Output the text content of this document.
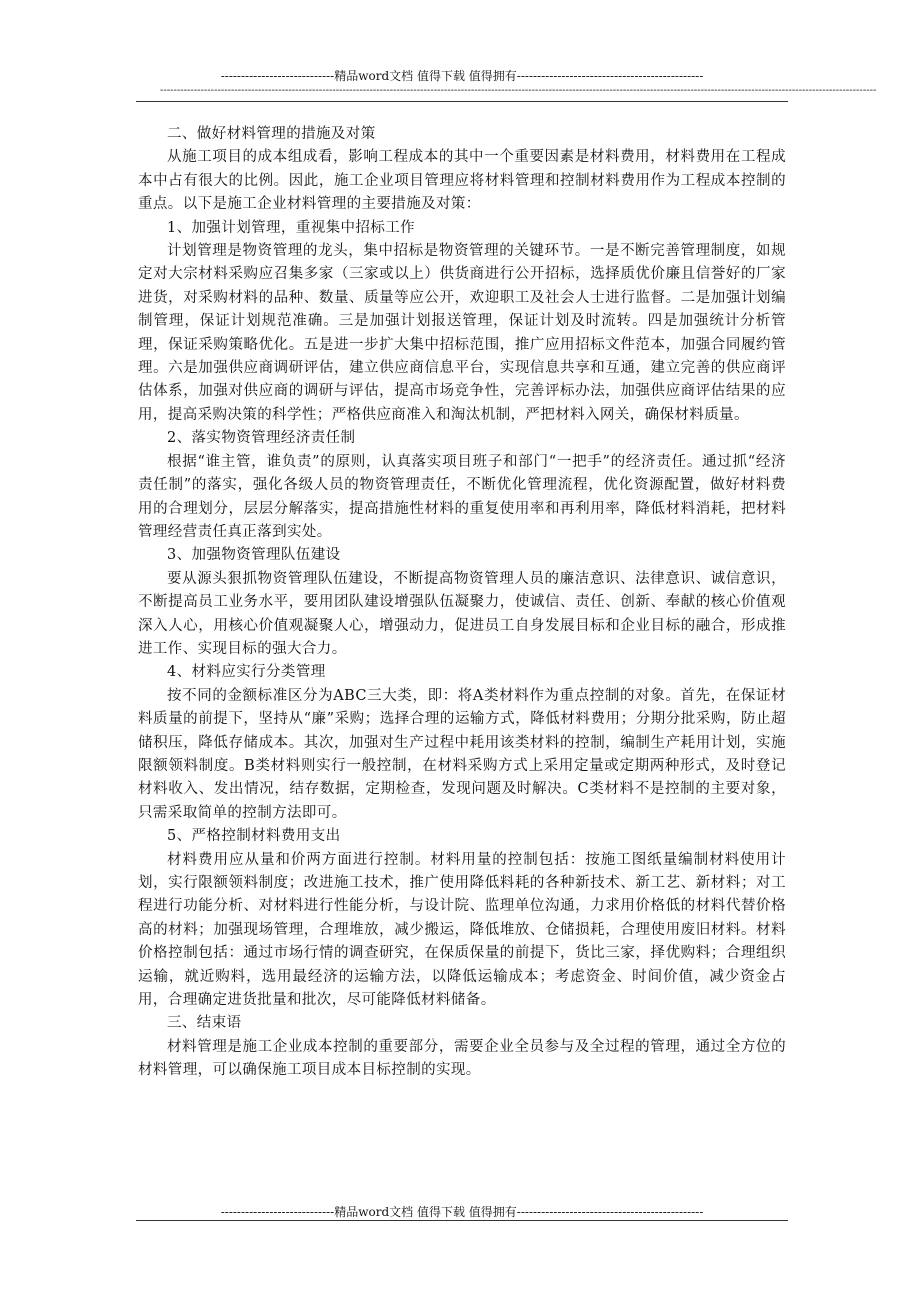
----------------------------精品word文档 值得下载 值得拥有----------------------------------------------
--------------------------------------------------------------------------------------------------------------------------------------------------------------------------------------------------------------------

二、做好材料管理的措施及对策

从施工项目的成本组成看，影响工程成本的其中一个重要因素是材料费用，材料费用在工程成本中占有很大的比例。因此，施工企业项目管理应将材料管理和控制材料费用作为工程成本控制的重点。以下是施工企业材料管理的主要措施及对策：

1、加强计划管理，重视集中招标工作

计划管理是物资管理的龙头，集中招标是物资管理的关键环节。一是不断完善管理制度，如规定对大宗材料采购应召集多家（三家或以上）供货商进行公开招标，选择质优价廉且信誉好的厂家进货，对采购材料的品种、数量、质量等应公开，欢迎职工及社会人士进行监督。二是加强计划编制管理，保证计划规范准确。三是加强计划报送管理，保证计划及时流转。四是加强统计分析管理，保证采购策略优化。五是进一步扩大集中招标范围，推广应用招标文件范本，加强合同履约管理。六是加强供应商调研评估，建立供应商信息平台，实现信息共享和互通，建立完善的供应商评估体系，加强对供应商的调研与评估，提高市场竞争性，完善评标办法，加强供应商评估结果的应用，提高采购决策的科学性；严格供应商准入和淘汰机制，严把材料入网关，确保材料质量。

2、落实物资管理经济责任制

根据“谁主管，谁负责”的原则，认真落实项目班子和部门“一把手”的经济责任。通过抓“经济责任制”的落实，强化各级人员的物资管理责任，不断优化管理流程，优化资源配置，做好材料费用的合理划分，层层分解落实，提高措施性材料的重复使用率和再利用率，降低材料消耗，把材料管理经营责任真正落到实处。

3、加强物资管理队伍建设

要从源头狠抓物资管理队伍建设，不断提高物资管理人员的廉洁意识、法律意识、诚信意识，不断提高员工业务水平，要用团队建设增强队伍凝聚力，使诚信、责任、创新、奉献的核心价值观深入人心，用核心价值观凝聚人心，增强动力，促进员工自身发展目标和企业目标的融合，形成推进工作、实现目标的强大合力。

4、材料应实行分类管理

按不同的金额标准区分为ABC三大类，即：将A类材料作为重点控制的对象。首先，在保证材料质量的前提下，坚持从“廉”采购；选择合理的运输方式，降低材料费用；分期分批采购，防止超储积压，降低存储成本。其次，加强对生产过程中耗用该类材料的控制，编制生产耗用计划，实施限额领料制度。B类材料则实行一般控制，在材料采购方式上采用定量或定期两种形式，及时登记材料收入、发出情况，结存数据，定期检查，发现问题及时解决。C类材料不是控制的主要对象，只需采取简单的控制方法即可。

5、严格控制材料费用支出

材料费用应从量和价两方面进行控制。材料用量的控制包括：按施工图纸量编制材料使用计划，实行限额领料制度；改进施工技术，推广使用降低料耗的各种新技术、新工艺、新材料；对工程进行功能分析、对材料进行性能分析，与设计院、监理单位沟通，力求用价格低的材料代替价格高的材料；加强现场管理，合理堆放，减少搬运，降低堆放、仓储损耗，合理使用废旧材料。材料价格控制包括：通过市场行情的调查研究，在保质保量的前提下，货比三家，择优购料；合理组织运输，就近购料，选用最经济的运输方法，以降低运输成本；考虑资金、时间价值，减少资金占用，合理确定进货批量和批次，尽可能降低材料储备。

三、结束语

材料管理是施工企业成本控制的重要部分，需要企业全员参与及全过程的管理，通过全方位的材料管理，可以确保施工项目成本目标控制的实现。

----------------------------精品word文档 值得下载 值得拥有----------------------------------------------
